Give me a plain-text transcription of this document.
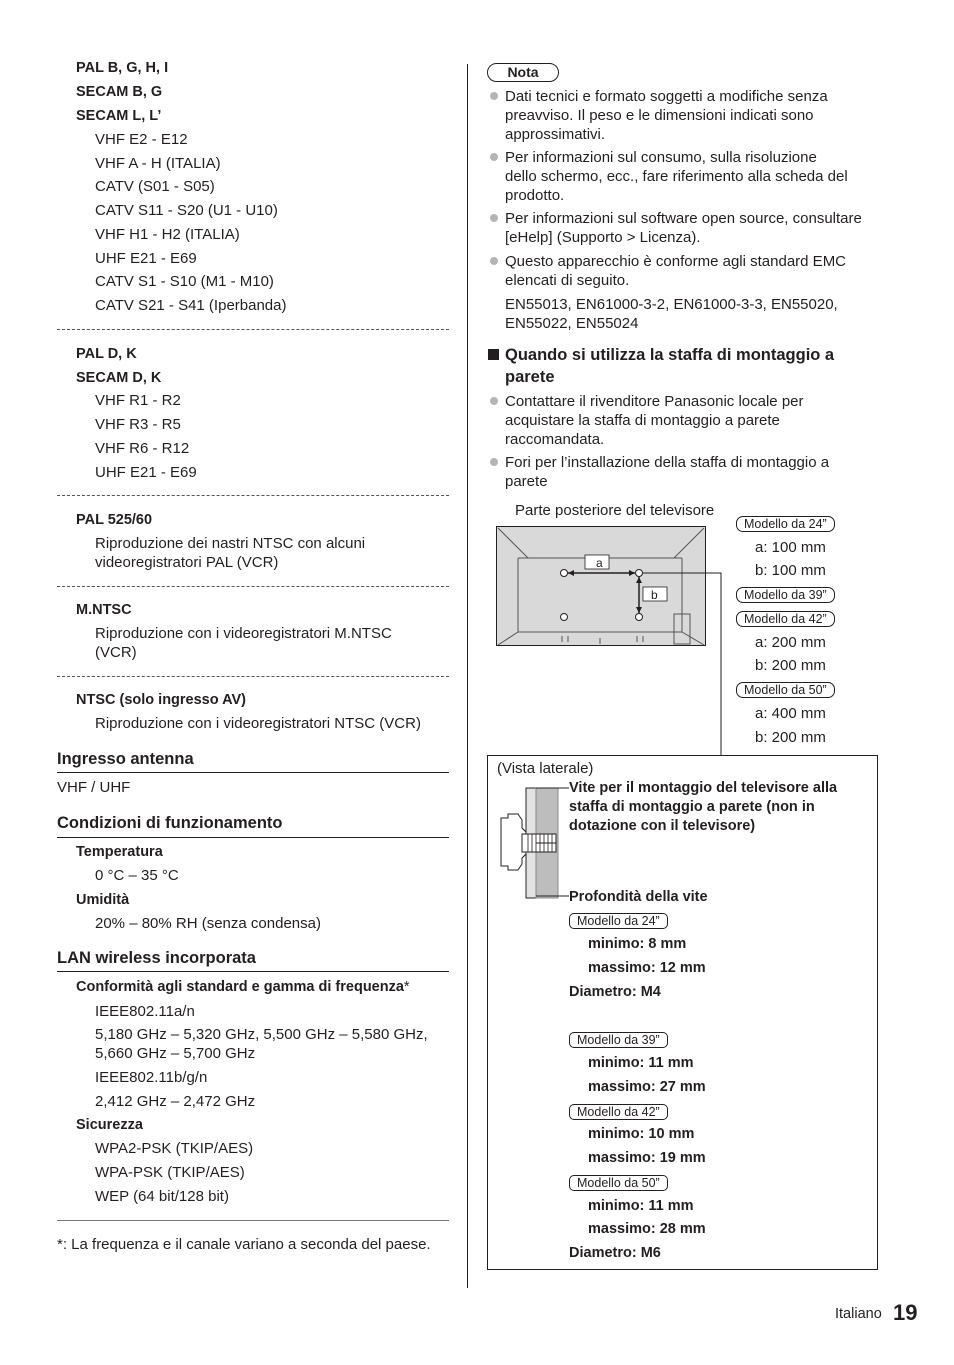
PAL B, G, H, I
SECAM B, G
SECAM L, L’
VHF E2 - E12
VHF A - H (ITALIA)
CATV (S01 - S05)
CATV S11 - S20 (U1 - U10)
VHF H1 - H2 (ITALIA)
UHF E21 - E69
CATV S1 - S10 (M1 - M10)
CATV S21 - S41 (Iperbanda)
PAL D, K
SECAM D, K
VHF R1 - R2
VHF R3 - R5
VHF R6 - R12
UHF E21 - E69
PAL 525/60
Riproduzione dei nastri NTSC con alcuni
videoregistratori PAL (VCR)
M.NTSC
Riproduzione con i videoregistratori M.NTSC
(VCR)
NTSC (solo ingresso AV)
Riproduzione con i videoregistratori NTSC (VCR)
Ingresso antenna
VHF / UHF
Condizioni di funzionamento
Temperatura
0 °C – 35 °C
Umidità
20% – 80% RH (senza condensa)
LAN wireless incorporata
Conformità agli standard e gamma di frequenza*
IEEE802.11a/n
5,180 GHz – 5,320 GHz, 5,500 GHz – 5,580 GHz,
5,660 GHz – 5,700 GHz
IEEE802.11b/g/n
2,412 GHz – 2,472 GHz
Sicurezza
WPA2-PSK (TKIP/AES)
WPA-PSK (TKIP/AES)
WEP (64 bit/128 bit)
*: La frequenza e il canale variano a seconda del paese.
Nota
Dati tecnici e formato soggetti a modifiche senza
preavviso. Il peso e le dimensioni indicati sono
approssimativi.
Per informazioni sul consumo, sulla risoluzione
dello schermo, ecc., fare riferimento alla scheda del
prodotto.
Per informazioni sul software open source, consultare
[eHelp] (Supporto > Licenza).
Questo apparecchio è conforme agli standard EMC
elencati di seguito.
EN55013, EN61000-3-2, EN61000-3-3, EN55020,
EN55022, EN55024
Quando si utilizza la staffa di montaggio a
parete
Contattare il rivenditore Panasonic locale per
acquistare la staffa di montaggio a parete
raccomandata.
Fori per l’installazione della staffa di montaggio a
parete
Parte posteriore del televisore
a
b
Modello da 24”
a: 100 mm
b: 100 mm
Modello da 39”
Modello da 42”
a: 200 mm
b: 200 mm
Modello da 50”
a: 400 mm
b: 200 mm
(Vista laterale)
Vite per il montaggio del televisore alla
staffa di montaggio a parete (non in
dotazione con il televisore)
Profondità della vite
Modello da 24”
minimo: 8 mm
massimo: 12 mm
Diametro: M4
Modello da 39”
minimo: 11 mm
massimo: 27 mm
Modello da 42”
minimo: 10 mm
massimo: 19 mm
Modello da 50”
minimo: 11 mm
massimo: 28 mm
Diametro: M6
Italiano 19
